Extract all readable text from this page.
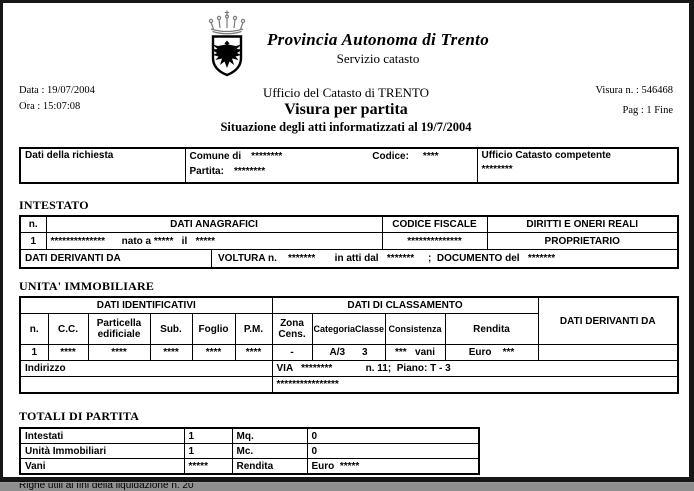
Provincia Autonoma di Trento
Servizio catasto
Data : 19/07/2004
Ora : 15:07:08
Ufficio del Catasto di TRENTO
Visura per partita
Situazione degli atti informatizzati al 19/7/2004
Visura n. : 546468
Pag : 1 Fine
Dati della richiesta	Comune di ********	Codice: ****
Partita: ********

Ufficio Catasto competente
********
INTESTATO
n.	DATI ANAGRAFICI	CODICE FISCALE	DIRITTI E ONERI REALI
1	**************      nato a *****   il   *****	**************	PROPRIETARIO

DATI DERIVANTI DA VOLTURA n.    *******       in atti dal   *******     ;  DOCUMENTO del   *******			
UNITA' IMMOBILIARE
DATI IDENTIFICATIVI						DATI DI CLASSAMENTO				DATI DERIVANTI DA
n.	C.C.	Particella edificiale	Sub.	Foglio	P.M.	Zona Cens.	Categoria Classe	Consistenza	Rendita	
1	****	****	****	****	****	-	A/3 3	***   vani	Euro    ***	
Indirizzo						VIA   ********            n. 11;  Piano: T - 3				
						****************				
TOTALI DI PARTITA
Intestati	1	Mq.	0
Unità Immobiliari	1	Mc.	0
Vani	*****	Rendita	Euro  *****
Righe utili ai fini della liquidazione n. 20
